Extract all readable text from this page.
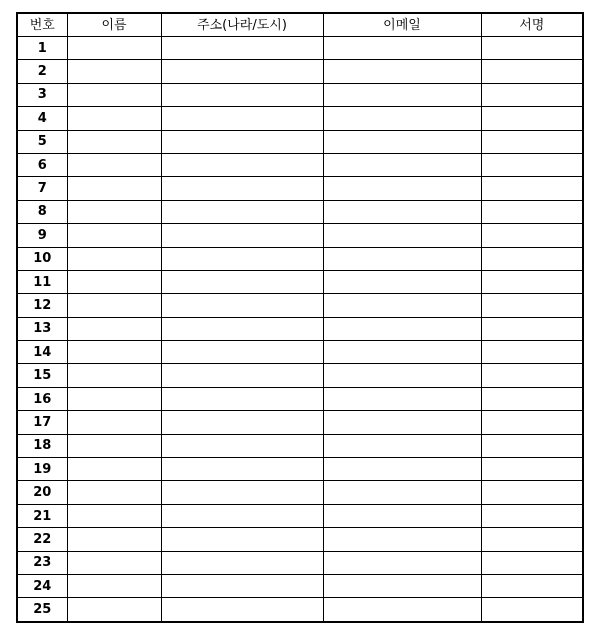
번호	이름	주소(나라/도시)	이메일	서명
1				
2				
3				
4				
5				
6				
7				
8				
9				
10				
11				
12				
13				
14				
15				
16				
17				
18				
19				
20				
21				
22				
23				
24				
25				
